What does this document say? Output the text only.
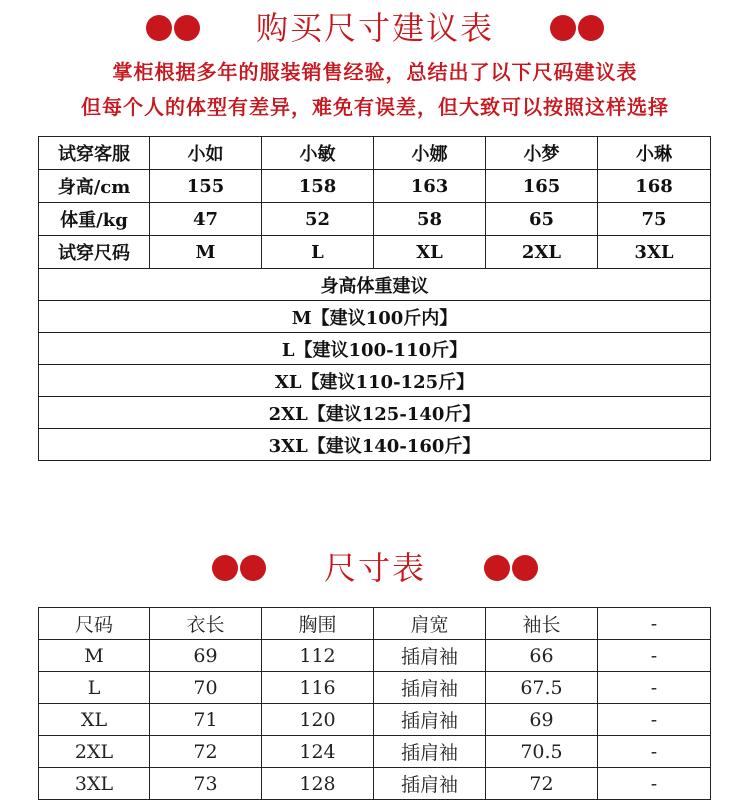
购买尺寸建议表
掌柜根据多年的服装销售经验，总结出了以下尺码建议表
但每个人的体型有差异，难免有误差，但大致可以按照这样选择
试穿客服	小如	小敏	小娜	小梦	小琳
身高/cm	155	158	163	165	168
体重/kg	47	52	58	65	75
试穿尺码	M	L	XL	2XL	3XL
身高体重建议					
M【建议100斤内】					
L【建议100-110斤】					
XL【建议110-125斤】					
2XL【建议125-140斤】					
3XL【建议140-160斤】					
尺寸表
尺码	衣长	胸围	肩宽	袖长	-
M	69	112	插肩袖	66	-
L	70	116	插肩袖	67.5	-
XL	71	120	插肩袖	69	-
2XL	72	124	插肩袖	70.5	-
3XL	73	128	插肩袖	72	-
